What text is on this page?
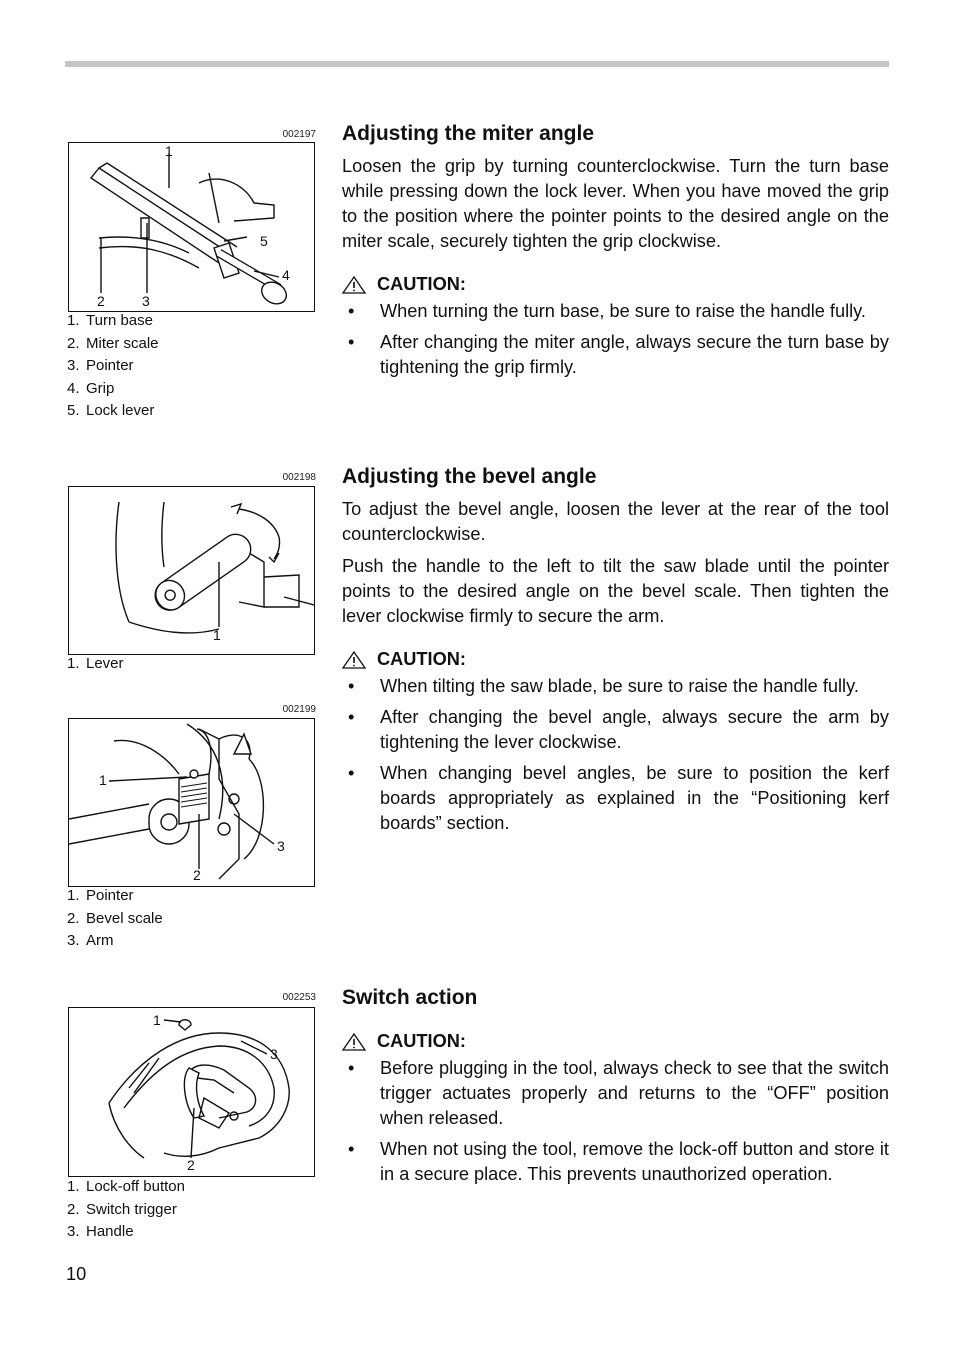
002197
1
2	3
4
5
1. Turn base
2. Miter scale
3. Pointer
4. Grip
5. Lock lever
002198
1
1. Lever
002199
1
2
3
1. Pointer
2. Bevel scale
3. Arm
002253
1
2
3
1. Lock-off button
2. Switch trigger
3. Handle
Adjusting the miter angle

Loosen the grip by turning counterclockwise. Turn the turn base while pressing down the lock lever. When you have moved the grip to the position where the pointer points to the desired angle on the miter scale, securely tighten the grip clockwise.

CAUTION:
• When turning the turn base, be sure to raise the handle fully.
• After changing the miter angle, always secure the turn base by tightening the grip firmly.
Adjusting the bevel angle

To adjust the bevel angle, loosen the lever at the rear of the tool counterclockwise.

Push the handle to the left to tilt the saw blade until the pointer points to the desired angle on the bevel scale. Then tighten the lever clockwise firmly to secure the arm.

CAUTION:
• When tilting the saw blade, be sure to raise the handle fully.
• After changing the bevel angle, always secure the arm by tightening the lever clockwise.
• When changing bevel angles, be sure to position the kerf boards appropriately as explained in the “Positioning kerf boards” section.
Switch action
CAUTION:
• Before plugging in the tool, always check to see that the switch trigger actuates properly and returns to the “OFF” position when released.
• When not using the tool, remove the lock-off button and store it in a secure place. This prevents unauthorized operation.
10
